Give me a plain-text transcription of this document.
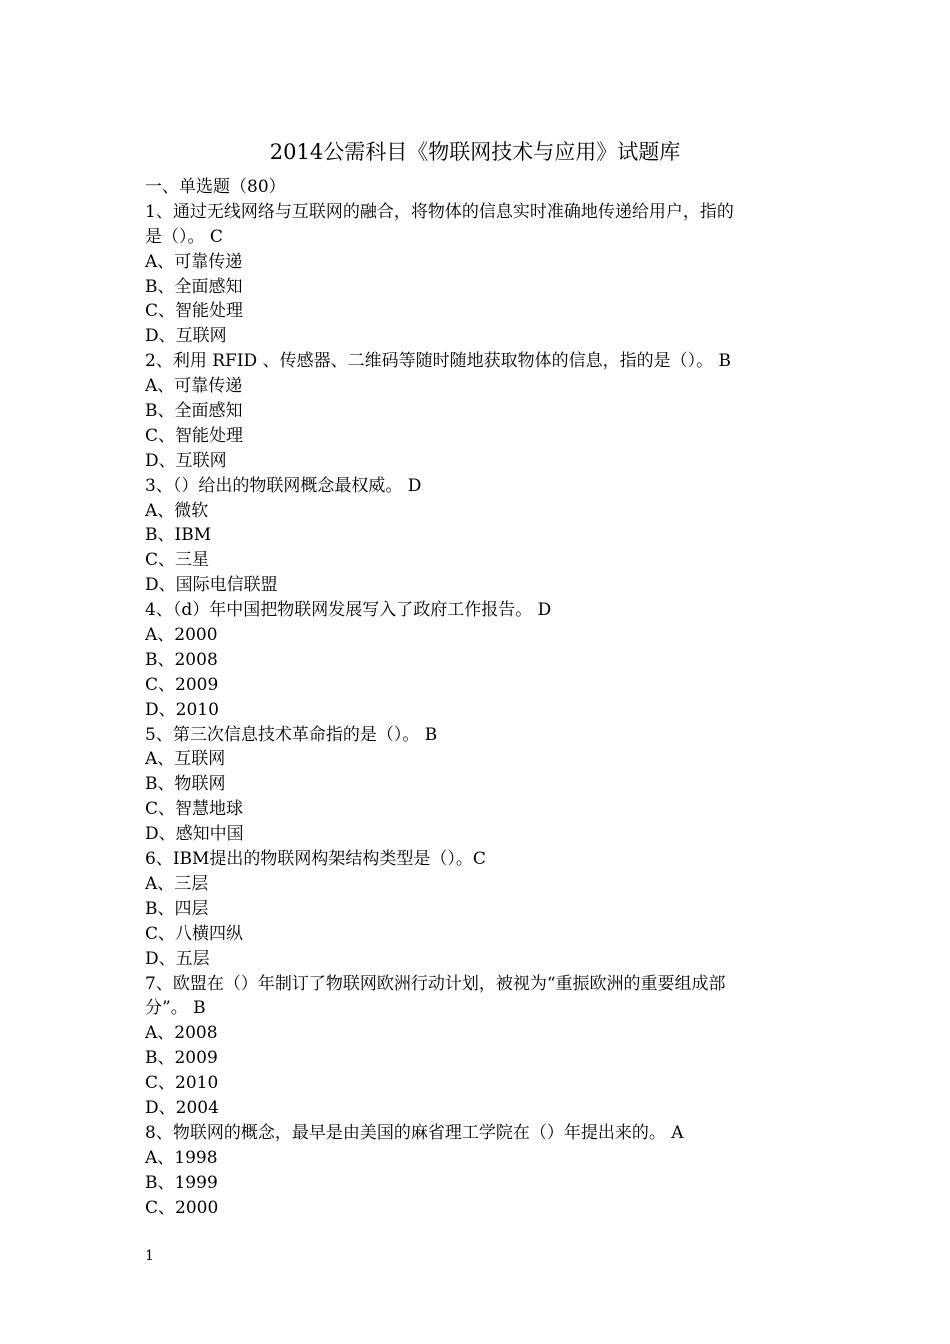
2014公需科目《物联网技术与应用》试题库
一、单选题（80）
1、通过无线网络与互联网的融合，将物体的信息实时准确地传递给用户，指的
是（）。 C
A、可靠传递
B、全面感知
C、智能处理
D、互联网
2、利用 RFID 、传感器、二维码等随时随地获取物体的信息，指的是（）。 B
A、可靠传递
B、全面感知
C、智能处理
D、互联网
3、（）给出的物联网概念最权威。 D
A、微软
B、IBM
C、三星
D、国际电信联盟
4、（d）年中国把物联网发展写入了政府工作报告。 D
A、2000
B、2008
C、2009
D、2010
5、第三次信息技术革命指的是（）。 B
A、互联网
B、物联网
C、智慧地球
D、感知中国
6、IBM提出的物联网构架结构类型是（）。C
A、三层
B、四层
C、八横四纵
D、五层
7、欧盟在（）年制订了物联网欧洲行动计划，被视为“重振欧洲的重要组成部
分”。 B
A、2008
B、2009
C、2010
D、2004
8、物联网的概念，最早是由美国的麻省理工学院在（）年提出来的。 A
A、1998
B、1999
C、2000
1
